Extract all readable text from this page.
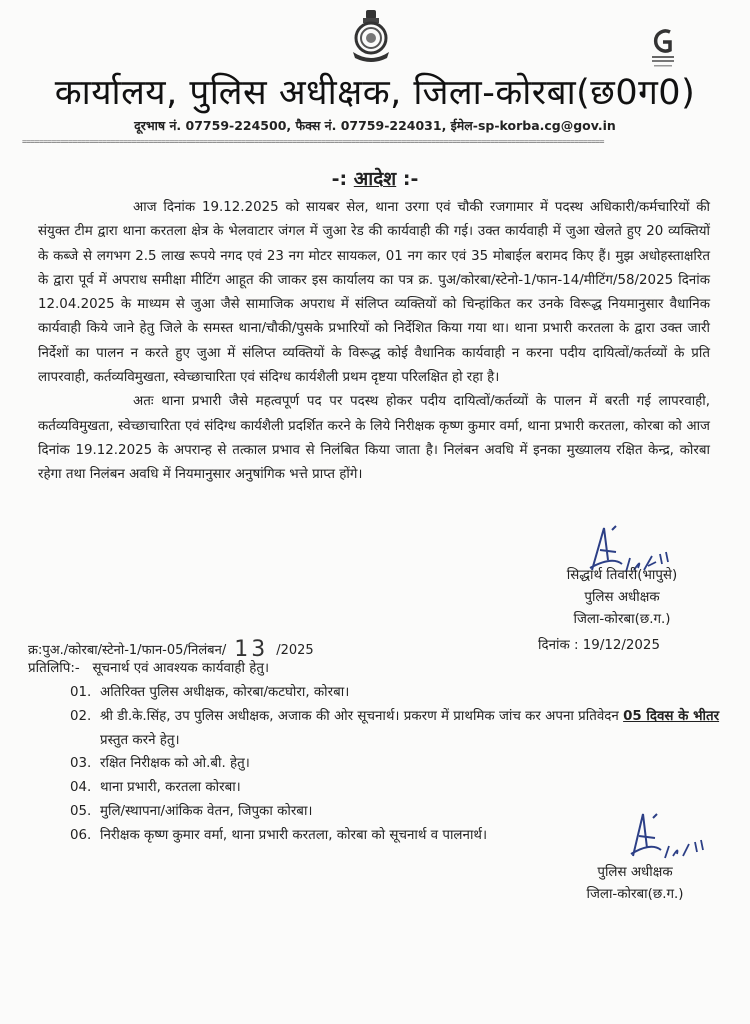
कार्यालय, पुलिस अधीक्षक, जिला-कोरबा(छ0ग0)
दूरभाष नं. 07759-224500, फैक्स नं. 07759-224031, ईमेल-sp-korba.cg@gov.in
==========================================================================================================================================
-: आदेश :-

आज दिनांक 19.12.2025 को सायबर सेल, थाना उरगा एवं चौकी रजगामार में पदस्थ अधिकारी/कर्मचारियों की संयुक्त टीम द्वारा थाना करतला क्षेत्र के भेलवाटार जंगल में जुआ रेड की कार्यवाही की गई। उक्त कार्यवाही में जुआ खेलते हुए 20 व्यक्तियों के कब्जे से लगभग 2.5 लाख रूपये नगद एवं 23 नग मोटर सायकल, 01 नग कार एवं 35 मोबाईल बरामद किए हैं। मुझ अधोहस्ताक्षरित के द्वारा पूर्व में अपराध समीक्षा मीटिंग आहूत की जाकर इस कार्यालय का पत्र क्र. पुअ/कोरबा/स्टेनो-1/फान-14/मीटिंग/58/2025 दिनांक 12.04.2025 के माध्यम से जुआ जैसे सामाजिक अपराध में संलिप्त व्यक्तियों को चिन्हांकित कर उनके विरूद्ध नियमानुसार वैधानिक कार्यवाही किये जाने हेतु जिले के समस्त थाना/चौकी/पुसके प्रभारियों को निर्देशित किया गया था। थाना प्रभारी करतला के द्वारा उक्त जारी निर्देशों का पालन न करते हुए जुआ में संलिप्त व्यक्तियों के विरूद्ध कोई वैधानिक कार्यवाही न करना पदीय दायित्वों/कर्तव्यों के प्रति लापरवाही, कर्तव्यविमुखता, स्वेच्छाचारिता एवं संदिग्ध कार्यशैली प्रथम दृष्टया परिलक्षित हो रहा है।

अतः थाना प्रभारी जैसे महत्वपूर्ण पद पर पदस्थ होकर पदीय दायित्वों/कर्तव्यों के पालन में बरती गई लापरवाही, कर्तव्यविमुखता, स्वेच्छाचारिता एवं संदिग्ध कार्यशैली प्रदर्शित करने के लिये निरीक्षक कृष्ण कुमार वर्मा, थाना प्रभारी करतला, कोरबा को आज दिनांक 19.12.2025 के अपरान्ह से तत्काल प्रभाव से निलंबित किया जाता है। निलंबन अवधि में इनका मुख्यालय रक्षित केन्द्र, कोरबा रहेगा तथा निलंबन अवधि में नियमानुसार अनुषांगिक भत्ते प्राप्त होंगे।

सिद्धार्थ तिवारी(भापुसे)
पुलिस अधीक्षक
जिला-कोरबा(छ.ग.)
दिनांक : 19/12/2025
क्र:पुअ./कोरबा/स्टेनो-1/फान-05/निलंबन/ 13 /2025
प्रतिलिपि:- सूचनार्थ एवं आवश्यक कार्यवाही हेतु।
01. अतिरिक्त पुलिस अधीक्षक, कोरबा/कटघोरा, कोरबा।
02. श्री डी.के.सिंह, उप पुलिस अधीक्षक, अजाक की ओर सूचनार्थ। प्रकरण में प्राथमिक जांच कर अपना प्रतिवेदन 05 दिवस के भीतर प्रस्तुत करने हेतु।
03. रक्षित निरीक्षक को ओ.बी. हेतु।
04. थाना प्रभारी, करतला कोरबा।
05. मुलि/स्थापना/आंकिक वेतन, जिपुका कोरबा।
06. निरीक्षक कृष्ण कुमार वर्मा, थाना प्रभारी करतला, कोरबा को सूचनार्थ व पालनार्थ।
पुलिस अधीक्षक
जिला-कोरबा(छ.ग.)
